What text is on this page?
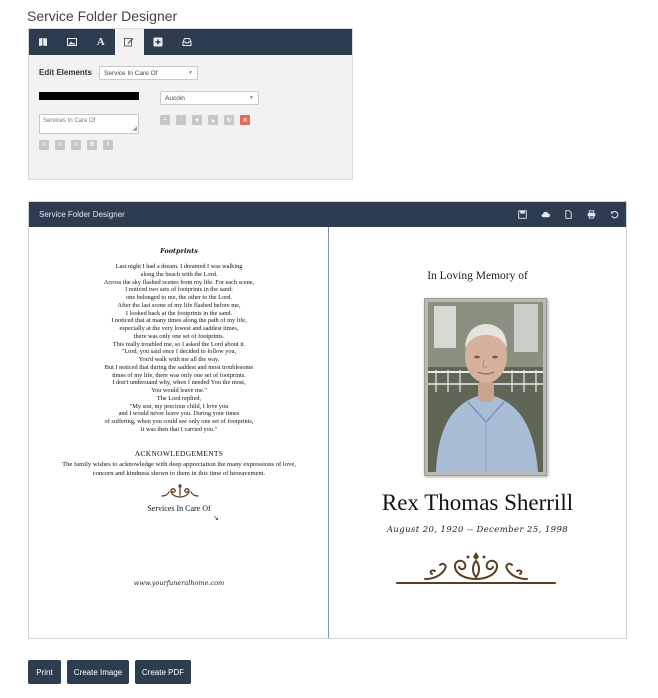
Service Folder Designer
A
Edit Elements	Service In Care Of	▼
Aucoin	▼
Services In Care Of
◢
– ↕ ▾ ▴ ↻ ✕
≡ ≡ ≡ B I
Service Folder Designer
Footprints
Last night I had a dream. I dreamed I was walking
along the beach with the Lord.
Across the sky flashed scenes from my life. For each scene,
I noticed two sets of footprints in the sand:
one belonged to me, the other to the Lord.
After the last scene of my life flashed before me,
I looked back at the footprints in the sand.
I noticed that at many times along the path of my life,
especially at the very lowest and saddest times,
there was only one set of footprints.
This really troubled me, so I asked the Lord about it.
"Lord, you said once I decided to follow you,
You'd walk with me all the way.
But I noticed that during the saddest and most troublesome
times of my life, there was only one set of footprints.
I don't understand why, when I needed You the most,
You would leave me."
The Lord replied,
"My son, my precious child, I love you
and I would never leave you. During your times
of suffering, when you could see only one set of footprints,
it was then that I carried you."
ACKNOWLEDGEMENTS
The family wishes to acknowledge with deep appreciation the many expressions of love,
concern and kindness shown to them in this time of bereavement.
Services In Care Of
↘
www.yourfuneralhome.com
In Loving Memory of
Rex Thomas Sherrill
August 20, 1920 -- December 25, 1998
Print	Create Image	Create PDF
